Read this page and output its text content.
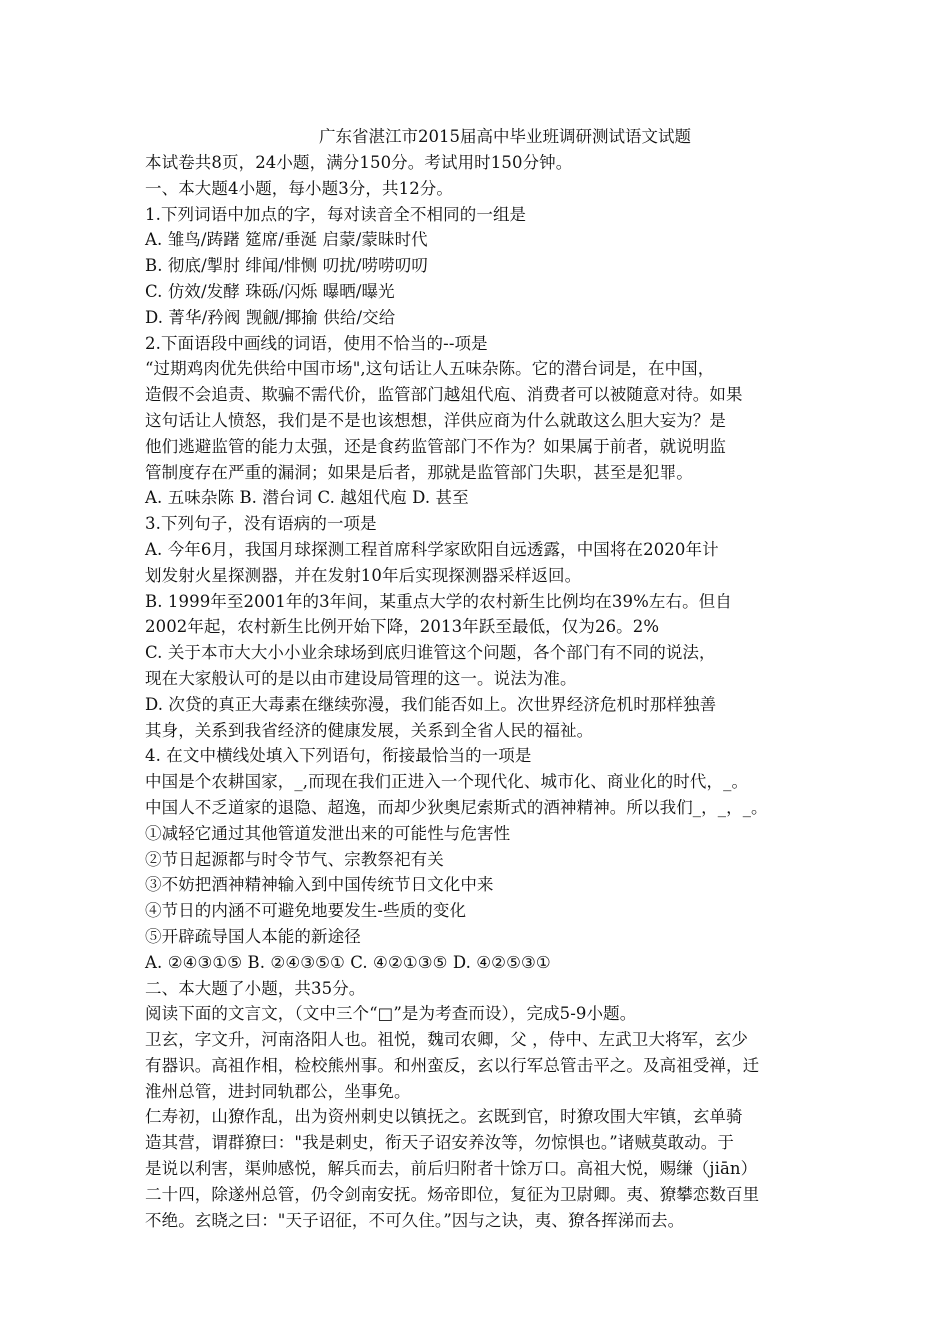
广东省湛江市2015届高中毕业班调研测试语文试题
本试卷共8页，24小题，满分150分。考试用时150分钟。
一、本大题4小题，每小题3分，共12分。
1.下列词语中加点的字，每对读音全不相同的一组是
A. 雏鸟/踌躇 筵席/垂涎 启蒙/蒙昧时代
B. 彻底/掣肘 绯闻/悱恻 叨扰/唠唠叨叨
C. 仿效/发酵 珠砾/闪烁 曝晒/曝光
D. 菁华/矜阀 觊觎/揶揄 供给/交给
2.下面语段中画线的词语，使用不恰当的--项是
“过期鸡肉优先供给中国市场",这句话让人五味杂陈。它的潜台词是，在中国，
造假不会追责、欺骗不需代价，监管部门越俎代庖、消费者可以被随意对待。如果
这句话让人愤怒，我们是不是也该想想，洋供应商为什么就敢这么胆大妄为？是
他们逃避监管的能力太强，还是食药监管部门不作为？如果属于前者，就说明监
管制度存在严重的漏洞；如果是后者，那就是监管部门失职，甚至是犯罪。
A. 五味杂陈 B. 潜台词 C. 越俎代庖 D. 甚至
3.下列句子，没有语病的一项是
A. 今年6月，我国月球探测工程首席科学家欧阳自远透露，中国将在2020年计
划发射火星探测器，并在发射10年后实现探测器采样返回。
B. 1999年至2001年的3年间，某重点大学的农村新生比例均在39%左右。但自
2002年起，农村新生比例开始下降，2013年跃至最低，仅为26。2%
C. 关于本市大大小小业余球场到底归谁管这个问题，各个部门有不同的说法，
现在大家般认可的是以由市建设局管理的这一。说法为准。
D. 次贷的真正大毒素在继续弥漫，我们能否如上。次世界经济危机时那样独善
其身，关系到我省经济的健康发展，关系到全省人民的福祉。
4. 在文中横线处填入下列语句，衔接最恰当的一项是
中国是个农耕国家，_,而现在我们正进入一个现代化、城市化、商业化的时代，_。
中国人不乏道家的退隐、超逸，而却少狄奥尼索斯式的酒神精神。所以我们_，_，_。
①减轻它通过其他管道发泄出来的可能性与危害性
②节日起源都与时令节气、宗教祭祀有关
③不妨把酒神精神输入到中国传统节日文化中来
④节日的内涵不可避免地要发生-些质的变化
⑤开辟疏导国人本能的新途径
A. ②④③①⑤ B. ②④③⑤① C. ④②①③⑤ D. ④②⑤③①
二、本大题了小题，共35分。
阅读下面的文言文，（文中三个“□”是为考查而设），完成5-9小题。
卫玄，字文升，河南洛阳人也。祖悦，魏司农卿，父 ，侍中、左武卫大将军，玄少
有器识。高祖作相，检校熊州事。和州蛮反，玄以行军总管击平之。及高祖受禅，迁
淮州总管，进封同轨郡公，坐事免。
仁寿初，山獠作乱，出为资州刺史以镇抚之。玄既到官，时獠攻围大牢镇，玄单骑
造其营，谓群獠曰："我是刺史，衔天子诏安养汝等，勿惊惧也。”诸贼莫敢动。于
是说以利害，渠帅感悦，解兵而去，前后归附者十馀万口。高祖大悦，赐缣（jiān）
二十四，除遂州总管，仍令剑南安抚。炀帝即位，复征为卫尉卿。夷、獠攀恋数百里
不绝。玄晓之曰："天子诏征，不可久住。”因与之诀，夷、獠各挥涕而去。
